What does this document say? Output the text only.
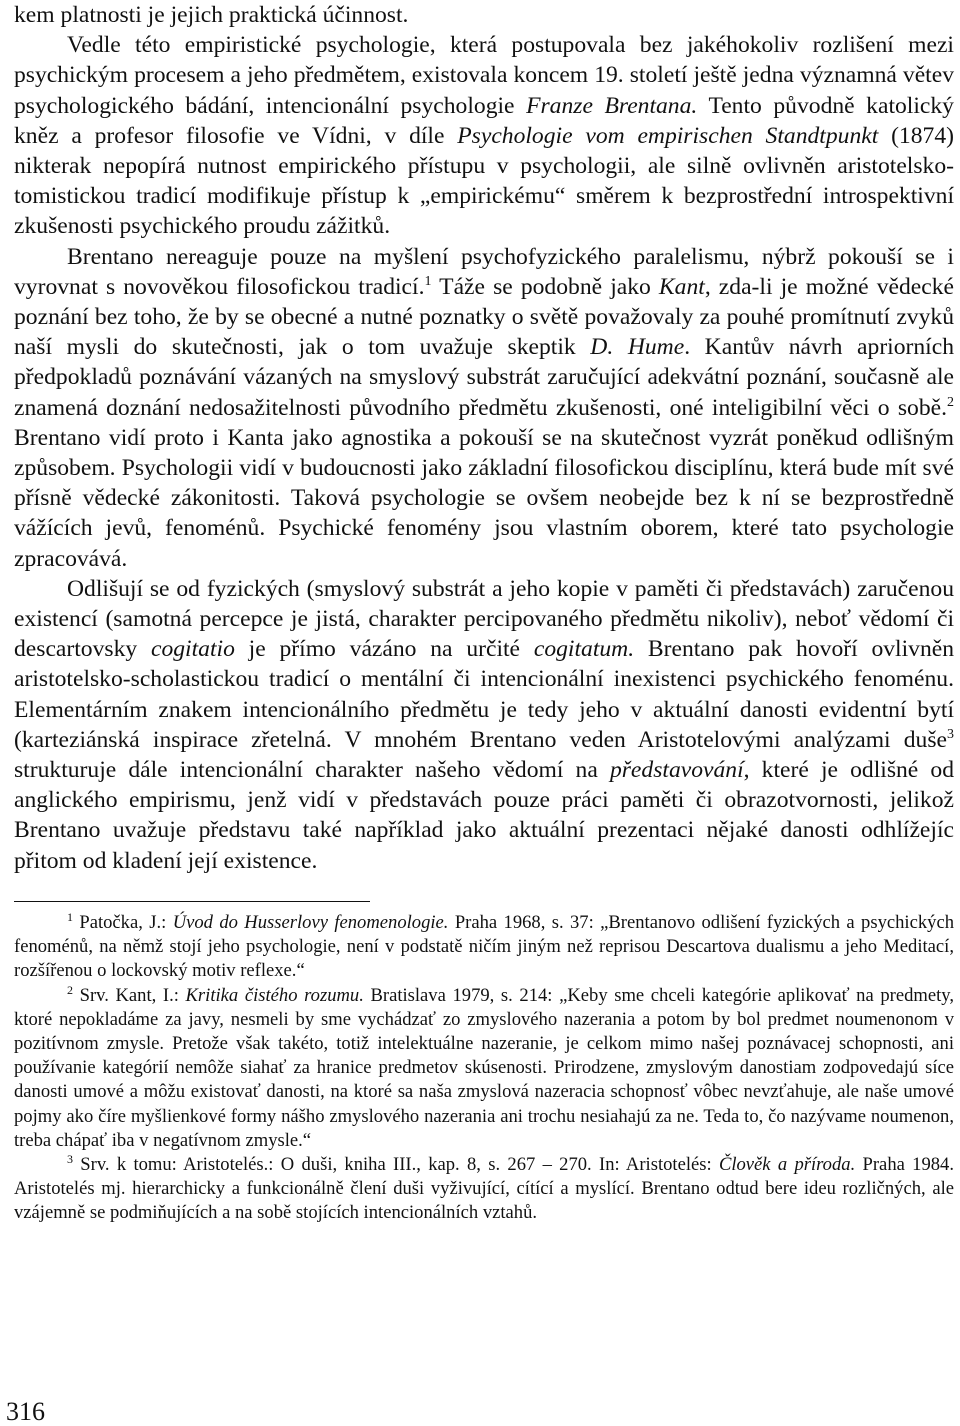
kem platnosti je jejich praktická účinnost.

Vedle této empiristické psychologie, která postupovala bez jakéhokoliv rozlišení mezi psychickým procesem a jeho předmětem, existovala koncem 19. století ještě jedna významná větev psychologického bádání, intencionální psychologie Franze Brentana. Tento původně katolický kněz a profesor filosofie ve Vídni, v díle Psychologie vom empirischen Standtpunkt (1874) nikterak nepopírá nutnost empirického přístupu v psychologii, ale silně ovlivněn aristotelsko-tomistickou tradicí modifikuje přístup k „empirickému“ směrem k bezprostřední introspektivní zkušenosti psychického proudu zážitků.

Brentano nereaguje pouze na myšlení psychofyzického paralelismu, nýbrž pokouší se i vyrovnat s novověkou filosofickou tradicí.$^1$ Táže se podobně jako Kant, zda-li je možné vědecké poznání bez toho, že by se obecné a nutné poznatky o světě považovaly za pouhé promítnutí zvyků naší mysli do skutečnosti, jak o tom uvažuje skeptik D. Hume. Kantův návrh apriorních předpokladů poznávání vázaných na smyslový substrát zaručující adekvátní poznání, současně ale znamená doznání nedosažitelnosti původního předmětu zkušenosti, oné inteligibilní věci o sobě.$^2$ Brentano vidí proto i Kanta jako agnostika a pokouší se na skutečnost vyzrát poněkud odlišným způsobem. Psychologii vidí v budoucnosti jako základní filosofickou disciplínu, která bude mít své přísně vědecké zákonitosti. Taková psychologie se ovšem neobejde bez k ní se bezprostředně vážících jevů, fenoménů. Psychické fenomény jsou vlastním oborem, které tato psychologie zpracovává.

Odlišují se od fyzických (smyslový substrát a jeho kopie v paměti či představách) zaručenou existencí (samotná percepce je jistá, charakter percipovaného předmětu nikoliv), neboť vědomí či descartovsky cogitatio je přímo vázáno na určité cogitatum. Brentano pak hovoří ovlivněn aristotelsko-scholastickou tradicí o mentální či intencionální inexistenci psychického fenoménu. Elementárním znakem intencionálního předmětu je tedy jeho v aktuální danosti evidentní bytí (karteziánská inspirace zřetelná. V mnohém Brentano veden Aristotelovými analýzami duše$^3$ strukturuje dále intencionální charakter našeho vědomí na představování, které je odlišné od anglického empirismu, jenž vidí v představách pouze práci paměti či obrazotvornosti, jelikož Brentano uvažuje představu také například jako aktuální prezentaci nějaké danosti odhlížejíc přitom od kladení její existence.

$^1$ Patočka, J.: Úvod do Husserlovy fenomenologie. Praha 1968, s. 37: „Brentanovo odlišení fyzických a psychických fenoménů, na němž stojí jeho psychologie, není v podstatě ničím jiným než reprisou Descartova dualismu a jeho Meditací, rozšířenou o lockovský motiv reflexe.“

$^2$ Srv. Kant, I.: Kritika čistého rozumu. Bratislava 1979, s. 214: „Keby sme chceli kategórie aplikovať na predmety, ktoré nepokladáme za javy, nesmeli by sme vychádzať zo zmyslového nazerania a potom by bol predmet noumenonom v pozitívnom zmysle. Pretože však takéto, totiž intelektuálne nazeranie, je celkom mimo našej poznávacej schopnosti, ani používanie kategórií nemôže siahať za hranice predmetov skúsenosti. Prirodzene, zmyslovým danostiam zodpovedajú síce danosti umové a môžu existovať danosti, na ktoré sa naša zmyslová nazeracia schopnosť vôbec nevzťahuje, ale naše umové pojmy ako číre myšlienkové formy nášho zmyslového nazerania ani trochu nesiahajú za ne. Teda to, čo nazývame noumenon, treba chápať iba v negatívnom zmysle.“

$^3$ Srv. k tomu: Aristotelés.: O duši, kniha III., kap. 8, s. 267 – 270. In: Aristotelés: Člověk a příroda. Praha 1984. Aristotelés mj. hierarchicky a funkcionálně člení duši vyživující, cítící a myslící. Brentano odtud bere ideu rozličných, ale vzájemně se podmiňujících a na sobě stojících intencionálních vztahů.

316
